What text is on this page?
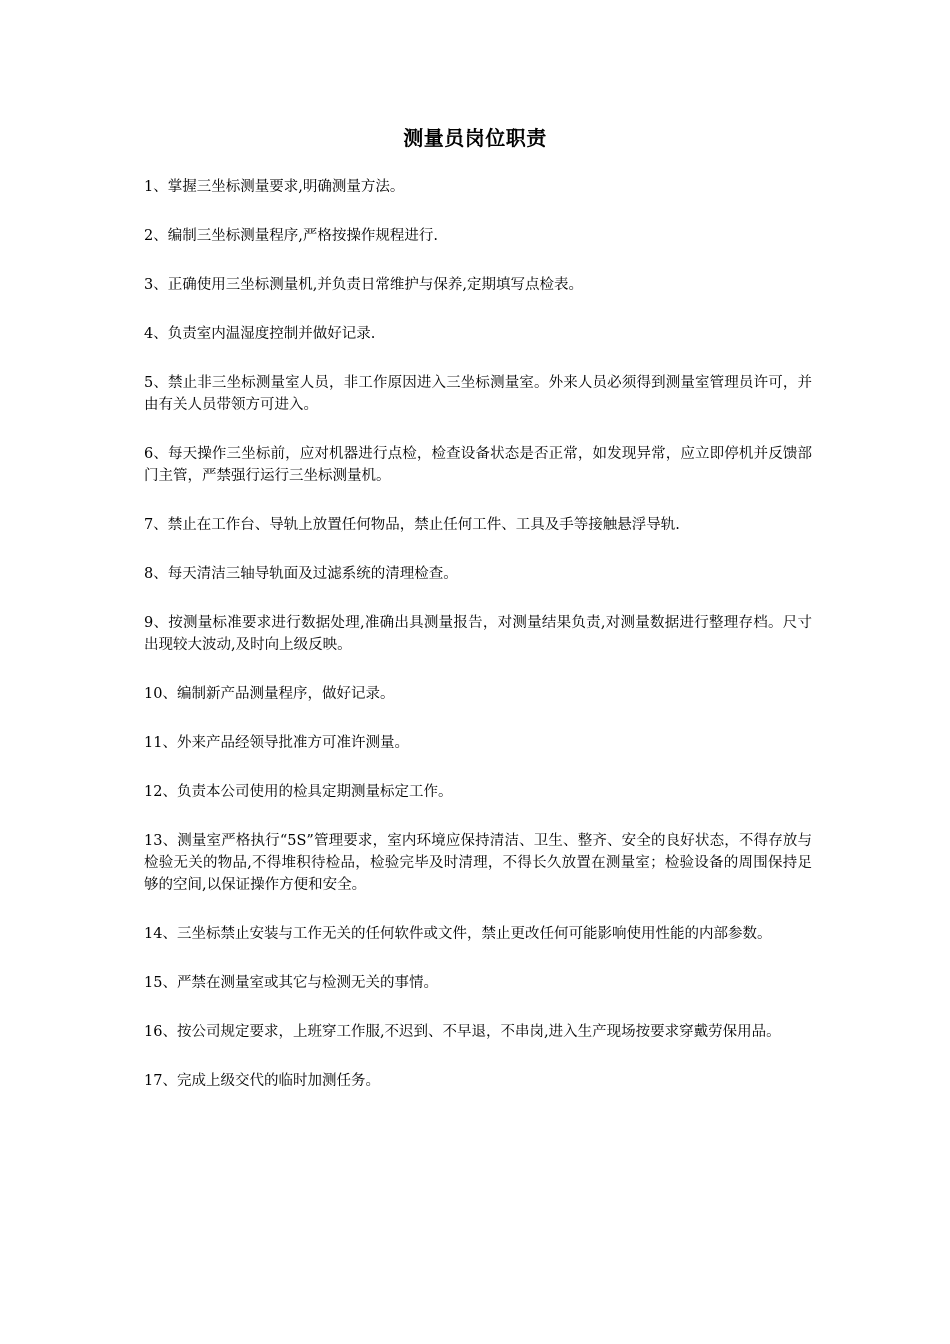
测量员岗位职责

1、掌握三坐标测量要求,明确测量方法。

2、编制三坐标测量程序,严格按操作规程进行.

3、正确使用三坐标测量机,并负责日常维护与保养,定期填写点检表。

4、负责室内温湿度控制并做好记录.

5、禁止非三坐标测量室人员，非工作原因进入三坐标测量室。外来人员必须得到测量室管理员许可，并由有关人员带领方可进入。

6、每天操作三坐标前，应对机器进行点检，检查设备状态是否正常，如发现异常，应立即停机并反馈部门主管，严禁强行运行三坐标测量机。

7、禁止在工作台、导轨上放置任何物品，禁止任何工件、工具及手等接触悬浮导轨.

8、每天清洁三轴导轨面及过滤系统的清理检查。

9、按测量标准要求进行数据处理,准确出具测量报告，对测量结果负责,对测量数据进行整理存档。尺寸出现较大波动,及时向上级反映。

10、编制新产品测量程序，做好记录。

11、外来产品经领导批准方可准许测量。

12、负责本公司使用的检具定期测量标定工作。

13、测量室严格执行“5S”管理要求，室内环境应保持清洁、卫生、整齐、安全的良好状态，不得存放与检验无关的物品,不得堆积待检品，检验完毕及时清理，不得长久放置在测量室；检验设备的周围保持足够的空间,以保证操作方便和安全。

14、三坐标禁止安装与工作无关的任何软件或文件，禁止更改任何可能影响使用性能的内部参数。

15、严禁在测量室或其它与检测无关的事情。

16、按公司规定要求，上班穿工作服,不迟到、不早退，不串岗,进入生产现场按要求穿戴劳保用品。

17、完成上级交代的临时加测任务。
